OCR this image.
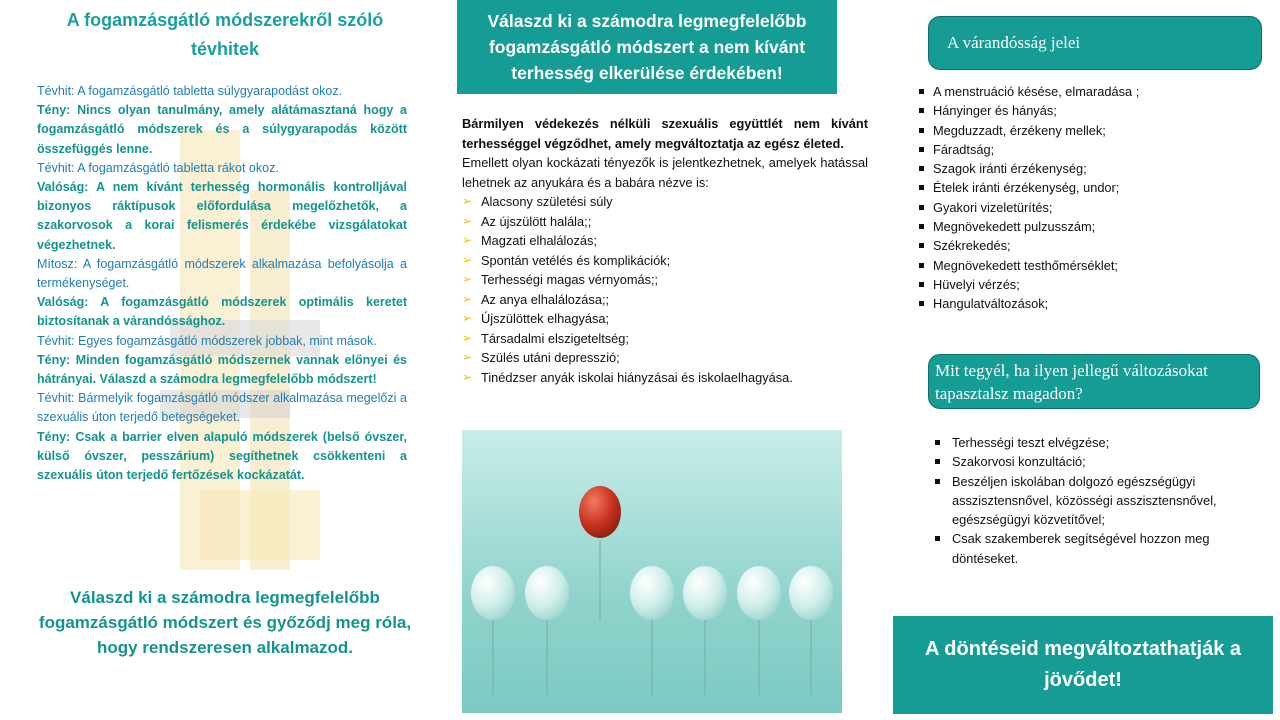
A fogamzásgátló módszerekről szóló tévhitek

Tévhit: A fogamzásgátló tabletta súlygyarapodást okoz.

Tény: Nincs olyan tanulmány, amely alátámasztaná hogy a fogamzásgátló módszerek és a súlygyarapodás között összefüggés lenne.

Tévhit: A fogamzásgátló tabletta rákot okoz.

Valóság: A nem kívánt terhesség hormonális kontrolljával bizonyos ráktípusok előfordulása megelőzhetők, a szakorvosok a korai felismerés érdekébe vizsgálatokat végezhetnek.

Mítosz: A fogamzásgátló módszerek alkalmazása befolyásolja a termékenységet.

Valóság: A fogamzásgátló módszerek optimális keretet biztosítanak a várandóssághoz.

Tévhit: Egyes fogamzásgátló módszerek jobbak, mint mások.

Tény: Minden fogamzásgátló módszernek vannak előnyei és hátrányai. Válaszd a számodra legmegfelelőbb módszert!

Tévhit: Bármelyik fogamzásgátló módszer alkalmazása megelőzi a szexuális úton terjedő betegségeket.

Tény: Csak a barrier elven alapuló módszerek (belső óvszer, külső óvszer, pesszárium) segíthetnek csökkenteni a szexuális úton terjedő fertőzések kockázatát.

Válaszd ki a számodra legmegfelelőbb fogamzásgátló módszert és győződj meg róla, hogy rendszeresen alkalmazod.
Válaszd ki a számodra legmegfelelőbb fogamzásgátló módszert a nem kívánt terhesség elkerülése érdekében!

Bármilyen védekezés nélküli szexuális együttlét nem kívánt terhességgel végződhet, amely megváltoztatja az egész életed.

Emellett olyan kockázati tényezők is jelentkezhetnek, amelyek hatással lehetnek az anyukára és a babára nézve is:

➢ Alacsony születési súly
➢ Az újszülött halála;;
➢ Magzati elhalálozás;
➢ Spontán vetélés és komplikációk;
➢ Terhességi magas vérnyomás;;
➢ Az anya elhalálozása;;
➢ Újszülöttek elhagyása;
➢ Társadalmi elszigeteltség;
➢ Szülés utáni depresszió;
➢ Tinédzser anyák iskolai hiányzásai és iskolaelhagyása.
A várandósság jelei
A menstruáció késése, elmaradása ;
Hányinger és hányás;
Megduzzadt, érzékeny mellek;
Fáradtság;
Szagok iránti érzékenység;
Ételek iránti érzékenység, undor;
Gyakori vizeletürítés;
Megnövekedett pulzusszám;
Székrekedés;
Megnövekedett testhőmérséklet;
Hüvelyi vérzés;
Hangulatváltozások;
Mit tegyél, ha ilyen jellegű változásokat tapasztalsz magadon?
Terhességi teszt elvégzése;
Szakorvosi konzultáció;
Beszéljen iskolában dolgozó egészségügyi asszisztensnővel, közösségi asszisztensnővel, egészségügyi közvetítővel;
Csak szakemberek segítségével hozzon meg döntéseket.
A döntéseid megváltoztathatják a jövődet!
